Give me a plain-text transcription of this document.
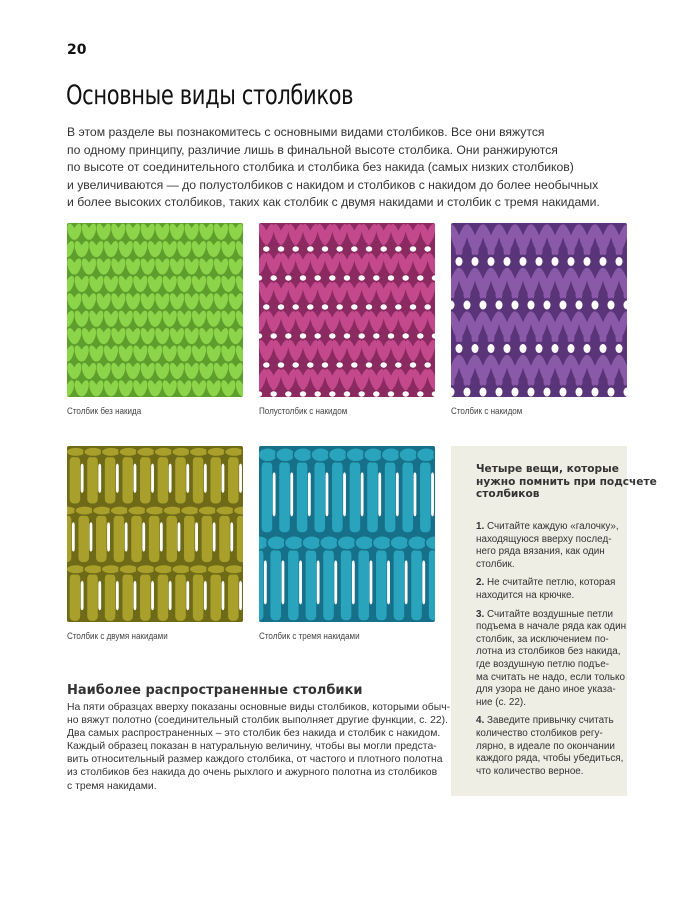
20
Основные виды столбиков

В этом разделе вы познакомитесь с основными видами столбиков. Все они вяжутся
по одному принципу, различие лишь в финальной высоте столбика. Они ранжируются
по высоте от соединительного столбика и столбика без накида (самых низких столбиков)
и увеличиваются — до полустолбиков с накидом и столбиков с накидом до более необычных
и более высоких столбиков, таких как столбик с двумя накидами и столбик с тремя накидами.

Столбик без накида	Полустолбик с накидом	Столбик с накидом
Столбик с двумя накидами	Столбик с тремя накидами
Наиболее распространенные столбики

На пяти образцах вверху показаны основные виды столбиков, которыми обыч-
но вяжут полотно (соединительный столбик выполняет другие функции, с. 22).
Два самых распространенных – это столбик без накида и столбик с накидом.
Каждый образец показан в натуральную величину, чтобы вы могли предста-
вить относительный размер каждого столбика, от частого и плотного полотна
из столбиков без накида до очень рыхлого и ажурного полотна из столбиков
с тремя накидами.

Четыре вещи, которые
нужно помнить при подсчете
столбиков
1. Считайте каждую «галочку»,
находящуюся вверху послед-
него ряда вязания, как один
столбик.
2. Не считайте петлю, которая
находится на крючке.
3. Считайте воздушные петли
подъема в начале ряда как один
столбик, за исключением по-
лотна из столбиков без накида,
где воздушную петлю подъе-
ма считать не надо, если только
для узора не дано иное указа-
ние (с. 22).
4. Заведите привычку считать
количество столбиков регу-
лярно, в идеале по окончании
каждого ряда, чтобы убедиться,
что количество верное.
